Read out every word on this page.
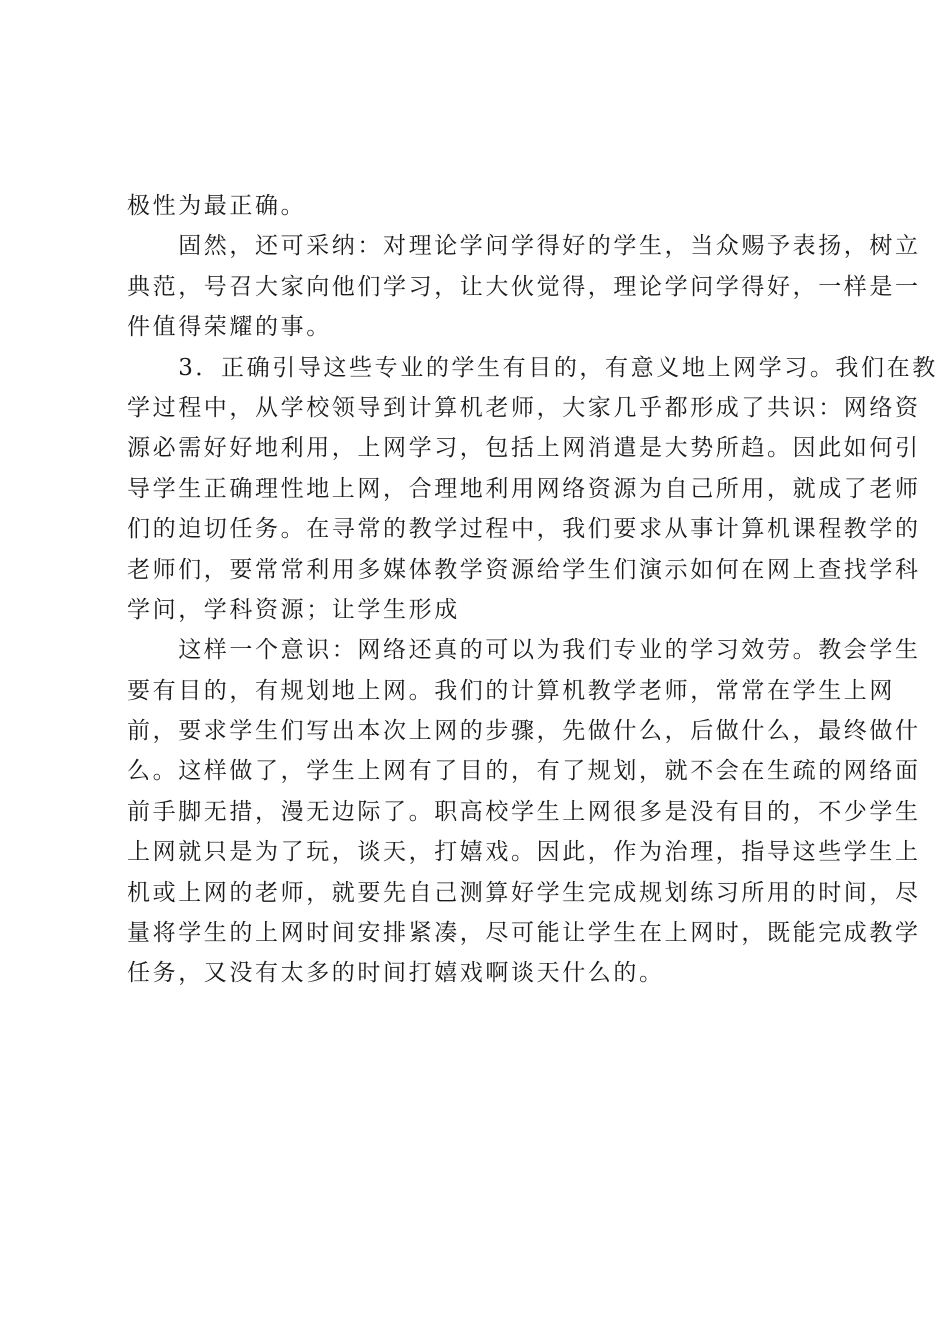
极性为最正确。
　　固然，还可采纳：对理论学问学得好的学生，当众赐予表扬，树立
典范，号召大家向他们学习，让大伙觉得，理论学问学得好，一样是一
件值得荣耀的事。
　　3．正确引导这些专业的学生有目的，有意义地上网学习。我们在教
学过程中，从学校领导到计算机老师，大家几乎都形成了共识：网络资
源必需好好地利用，上网学习，包括上网消遣是大势所趋。因此如何引
导学生正确理性地上网，合理地利用网络资源为自己所用，就成了老师
们的迫切任务。在寻常的教学过程中，我们要求从事计算机课程教学的
老师们，要常常利用多媒体教学资源给学生们演示如何在网上查找学科
学问，学科资源；让学生形成
　　这样一个意识：网络还真的可以为我们专业的学习效劳。教会学生
要有目的，有规划地上网。我们的计算机教学老师，常常在学生上网
前，要求学生们写出本次上网的步骤，先做什么，后做什么，最终做什
么。这样做了，学生上网有了目的，有了规划，就不会在生疏的网络面
前手脚无措，漫无边际了。职高校学生上网很多是没有目的，不少学生
上网就只是为了玩，谈天，打嬉戏。因此，作为治理，指导这些学生上
机或上网的老师，就要先自己测算好学生完成规划练习所用的时间，尽
量将学生的上网时间安排紧凑，尽可能让学生在上网时，既能完成教学
任务，又没有太多的时间打嬉戏啊谈天什么的。
